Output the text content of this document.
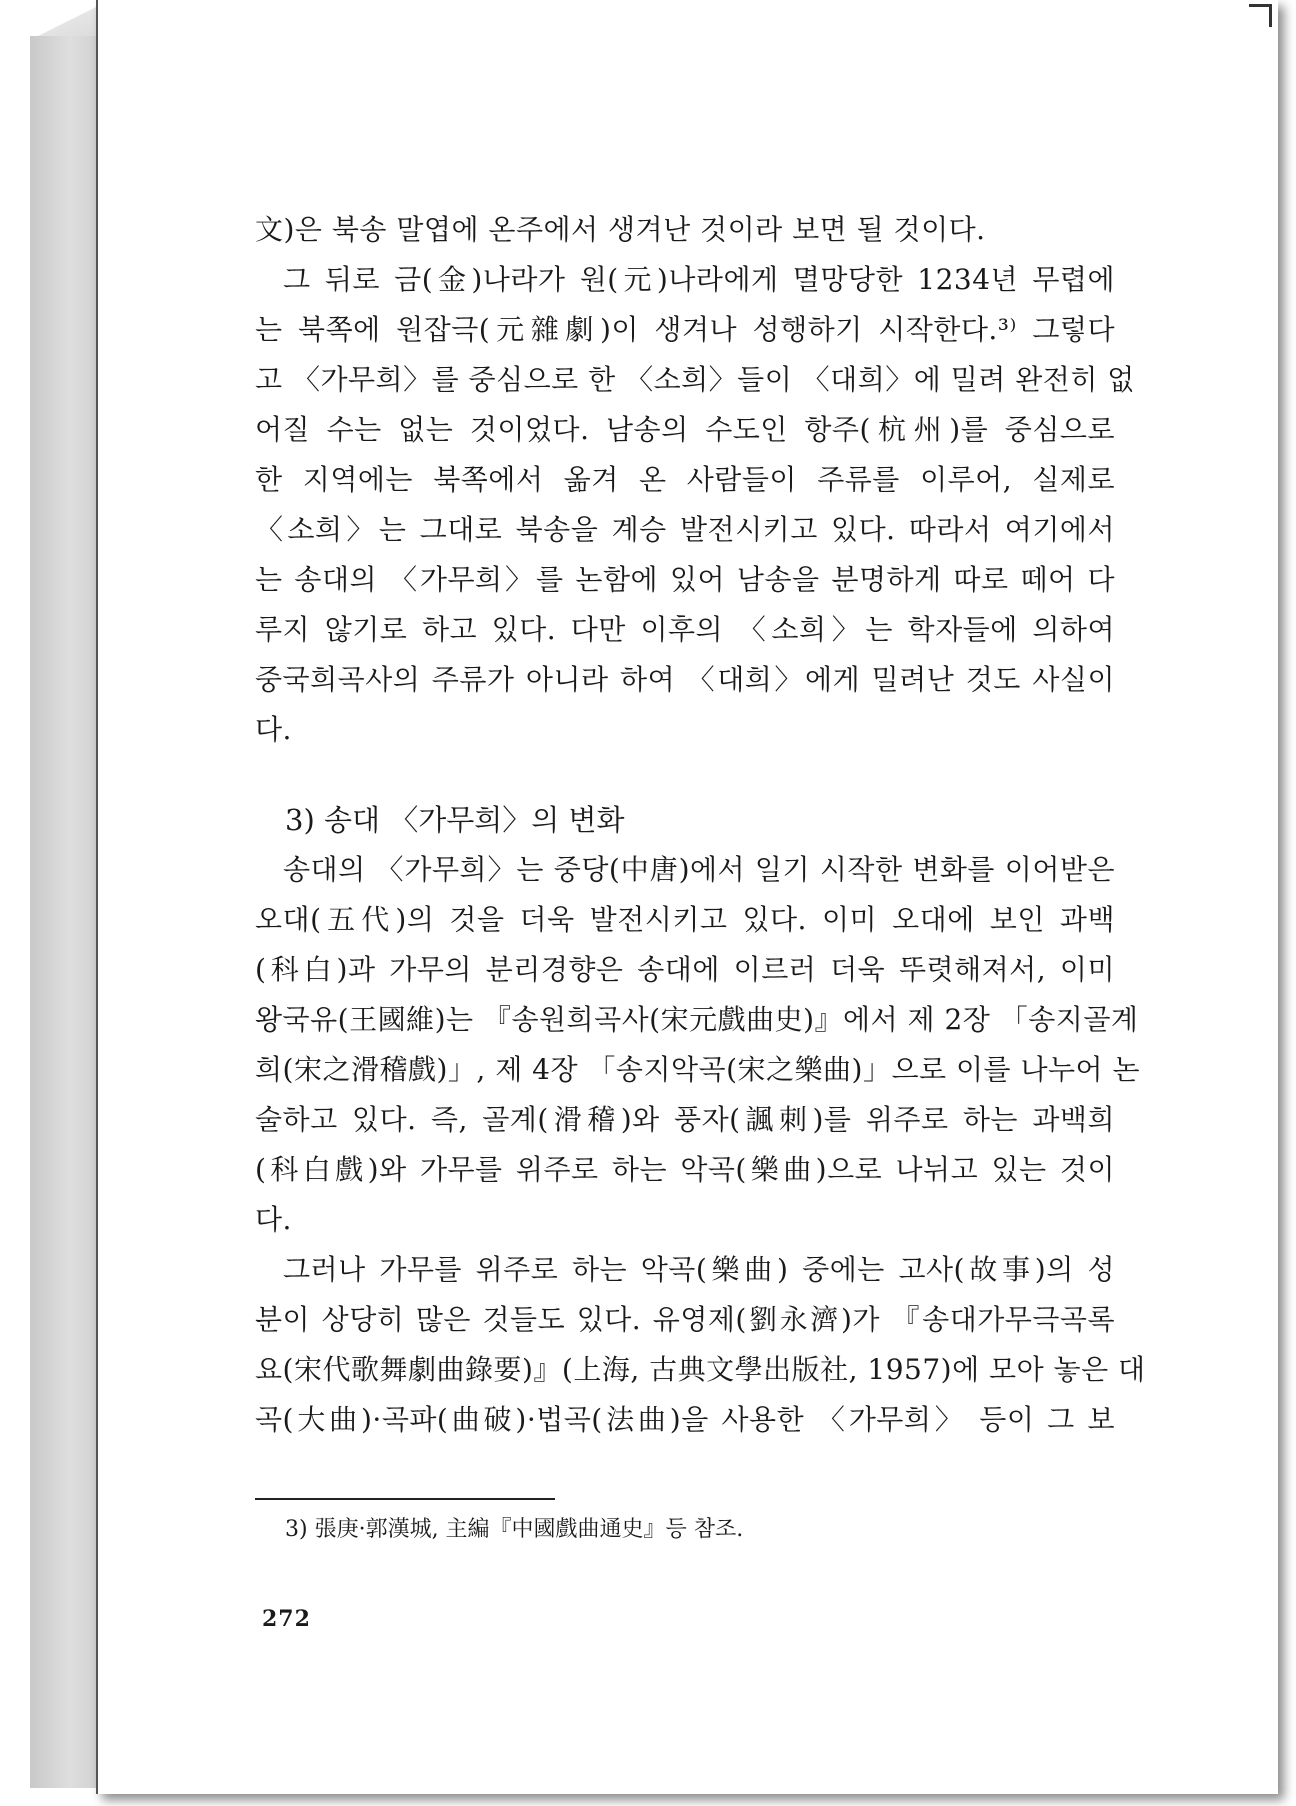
文)은 북송 말엽에 온주에서 생겨난 것이라 보면 될 것이다.
그 뒤로 금(金)나라가 원(元)나라에게 멸망당한 1234년 무렵에
는 북쪽에 원잡극(元雜劇)이 생겨나 성행하기 시작한다.³⁾ 그렇다
고 〈가무희〉를 중심으로 한 〈소희〉들이 〈대희〉에 밀려 완전히 없
어질 수는 없는 것이었다. 남송의 수도인 항주(杭州)를 중심으로
한 지역에는 북쪽에서 옮겨 온 사람들이 주류를 이루어, 실제로
〈소희〉는 그대로 북송을 계승 발전시키고 있다. 따라서 여기에서
는 송대의 〈가무희〉를 논함에 있어 남송을 분명하게 따로 떼어 다
루지 않기로 하고 있다. 다만 이후의 〈소희〉는 학자들에 의하여
중국희곡사의 주류가 아니라 하여 〈대희〉에게 밀려난 것도 사실이
다.
3) 송대 〈가무희〉의 변화
송대의 〈가무희〉는 중당(中唐)에서 일기 시작한 변화를 이어받은
오대(五代)의 것을 더욱 발전시키고 있다. 이미 오대에 보인 과백
(科白)과 가무의 분리경향은 송대에 이르러 더욱 뚜렷해져서, 이미
왕국유(王國維)는 『송원희곡사(宋元戲曲史)』에서 제 2장 「송지골계
희(宋之滑稽戲)」, 제 4장 「송지악곡(宋之樂曲)」으로 이를 나누어 논
술하고 있다. 즉, 골계(滑稽)와 풍자(諷刺)를 위주로 하는 과백희
(科白戲)와 가무를 위주로 하는 악곡(樂曲)으로 나뉘고 있는 것이
다.
그러나 가무를 위주로 하는 악곡(樂曲) 중에는 고사(故事)의 성
분이 상당히 많은 것들도 있다. 유영제(劉永濟)가 『송대가무극곡록
요(宋代歌舞劇曲錄要)』(上海, 古典文學出版社, 1957)에 모아 놓은 대
곡(大曲)·곡파(曲破)·법곡(法曲)을 사용한 〈가무희〉 등이 그 보
3) 張庚·郭漢城, 主編『中國戲曲通史』등 참조.
272
